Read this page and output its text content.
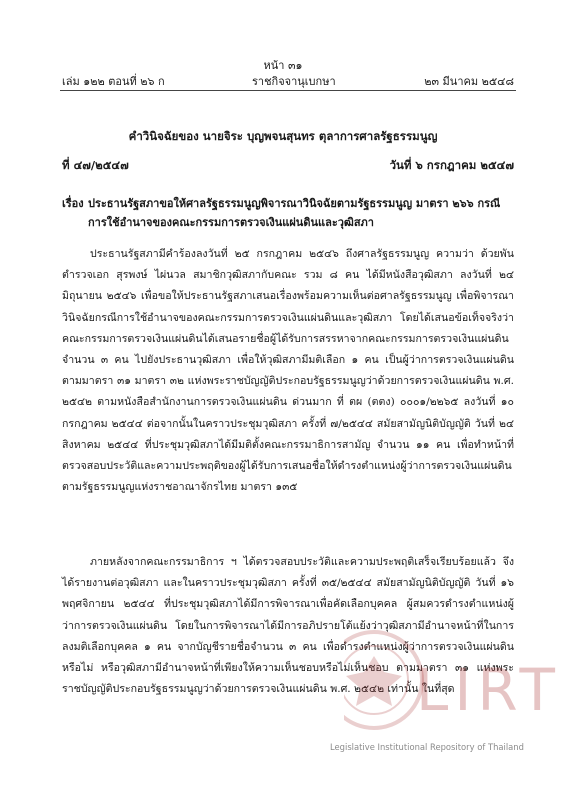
หน้า ๓๑
เล่ม ๑๒๒ ตอนที่ ๒๖ ก	ราชกิจจานุเบกษา	๒๓ มีนาคม ๒๕๔๘
คำวินิจฉัยของ นายจิระ บุญพจนสุนทร ตุลาการศาลรัฐธรรมนูญ
ที่ ๔๗/๒๕๔๗	วันที่ ๖ กรกฎาคม ๒๕๔๗
เรื่อง ประธานรัฐสภาขอให้ศาลรัฐธรรมนูญพิจารณาวินิจฉัยตามรัฐธรรมนูญ มาตรา ๒๖๖ กรณีการใช้อำนาจของคณะกรรมการตรวจเงินแผ่นดินและวุฒิสภา

ประธานรัฐสภามีคำร้องลงวันที่ ๒๕ กรกฎาคม ๒๕๔๖ ถึงศาลรัฐธรรมนูญ ความว่า ด้วยพันตำรวจเอก สุรพงษ์ ไผ่นวล สมาชิกวุฒิสภากับคณะ รวม ๘ คน ได้มีหนังสือวุฒิสภา ลงวันที่ ๒๔ มิถุนายน ๒๕๔๖ เพื่อขอให้ประธานรัฐสภาเสนอเรื่องพร้อมความเห็นต่อศาลรัฐธรรมนูญ เพื่อพิจารณาวินิจฉัยกรณีการใช้อำนาจของคณะกรรมการตรวจเงินแผ่นดินและวุฒิสภา โดยได้เสนอข้อเท็จจริงว่า คณะกรรมการตรวจเงินแผ่นดินได้เสนอรายชื่อผู้ได้รับการสรรหาจากคณะกรรมการตรวจเงินแผ่นดิน จำนวน ๓ คน ไปยังประธานวุฒิสภา เพื่อให้วุฒิสภามีมติเลือก ๑ คน เป็นผู้ว่าการตรวจเงินแผ่นดิน ตามมาตรา ๓๑ มาตรา ๓๒ แห่งพระราชบัญญัติประกอบรัฐธรรมนูญว่าด้วยการตรวจเงินแผ่นดิน พ.ศ. ๒๕๔๒ ตามหนังสือสำนักงานการตรวจเงินแผ่นดิน ด่วนมาก ที่ ตผ (ตตง) ๐๐๐๑/๒๒๖๕ ลงวันที่ ๑๐ กรกฎาคม ๒๕๔๔ ต่อจากนั้นในคราวประชุมวุฒิสภา ครั้งที่ ๗/๒๕๔๔ สมัยสามัญนิติบัญญัติ วันที่ ๒๔ สิงหาคม ๒๕๔๔ ที่ประชุมวุฒิสภาได้มีมติตั้งคณะกรรมาธิการสามัญ จำนวน ๑๑ คน เพื่อทำหน้าที่ตรวจสอบประวัติและความประพฤติของผู้ได้รับการเสนอชื่อให้ดำรงตำแหน่งผู้ว่าการตรวจเงินแผ่นดิน ตามรัฐธรรมนูญแห่งราชอาณาจักรไทย มาตรา ๑๓๕

ภายหลังจากคณะกรรมาธิการ ฯ ได้ตรวจสอบประวัติและความประพฤติเสร็จเรียบร้อยแล้ว จึงได้รายงานต่อวุฒิสภา และในคราวประชุมวุฒิสภา ครั้งที่ ๓๕/๒๕๔๔ สมัยสามัญนิติบัญญัติ วันที่ ๑๖ พฤศจิกายน ๒๕๔๔ ที่ประชุมวุฒิสภาได้มีการพิจารณาเพื่อคัดเลือกบุคคล ผู้สมควรดำรงตำแหน่งผู้ว่าการตรวจเงินแผ่นดิน โดยในการพิจารณาได้มีการอภิปรายโต้แย้งว่าวุฒิสภามีอำนาจหน้าที่ในการลงมติเลือกบุคคล ๑ คน จากบัญชีรายชื่อจำนวน ๓ คน เพื่อดำรงตำแหน่งผู้ว่าการตรวจเงินแผ่นดินหรือไม่ หรือวุฒิสภามีอำนาจหน้าที่เพียงให้ความเห็นชอบหรือไม่เห็นชอบ ตามมาตรา ๓๑ แห่งพระราชบัญญัติประกอบรัฐธรรมนูญว่าด้วยการตรวจเงินแผ่นดิน พ.ศ. ๒๕๔๒ เท่านั้น ในที่สุด

LIRT
Legislative Institutional Repository of Thailand
